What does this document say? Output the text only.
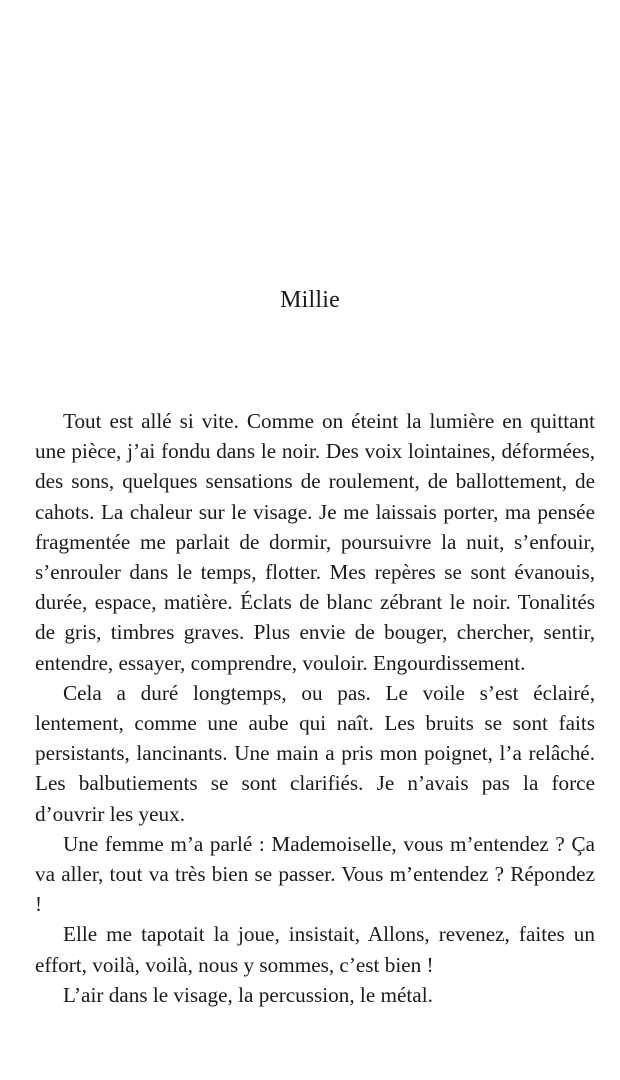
Millie

Tout est allé si vite. Comme on éteint la lumière en quittant une pièce, j’ai fondu dans le noir. Des voix lointaines, déformées, des sons, quelques sensations de roulement, de ballottement, de cahots. La chaleur sur le visage. Je me laissais porter, ma pensée fragmentée me parlait de dormir, poursuivre la nuit, s’enfouir, s’enrouler dans le temps, flotter. Mes repères se sont évanouis, durée, espace, matière. Éclats de blanc zébrant le noir. Tonalités de gris, timbres graves. Plus envie de bouger, chercher, sentir, entendre, essayer, comprendre, vouloir. Engourdissement.

Cela a duré longtemps, ou pas. Le voile s’est éclairé, lentement, comme une aube qui naît. Les bruits se sont faits persistants, lancinants. Une main a pris mon poignet, l’a relâché. Les balbutiements se sont clarifiés. Je n’avais pas la force d’ouvrir les yeux.

Une femme m’a parlé : Mademoiselle, vous m’entendez ? Ça va aller, tout va très bien se passer. Vous m’entendez ? Répondez !

Elle me tapotait la joue, insistait, Allons, revenez, faites un effort, voilà, voilà, nous y sommes, c’est bien !

L’air dans le visage, la percussion, le métal.
